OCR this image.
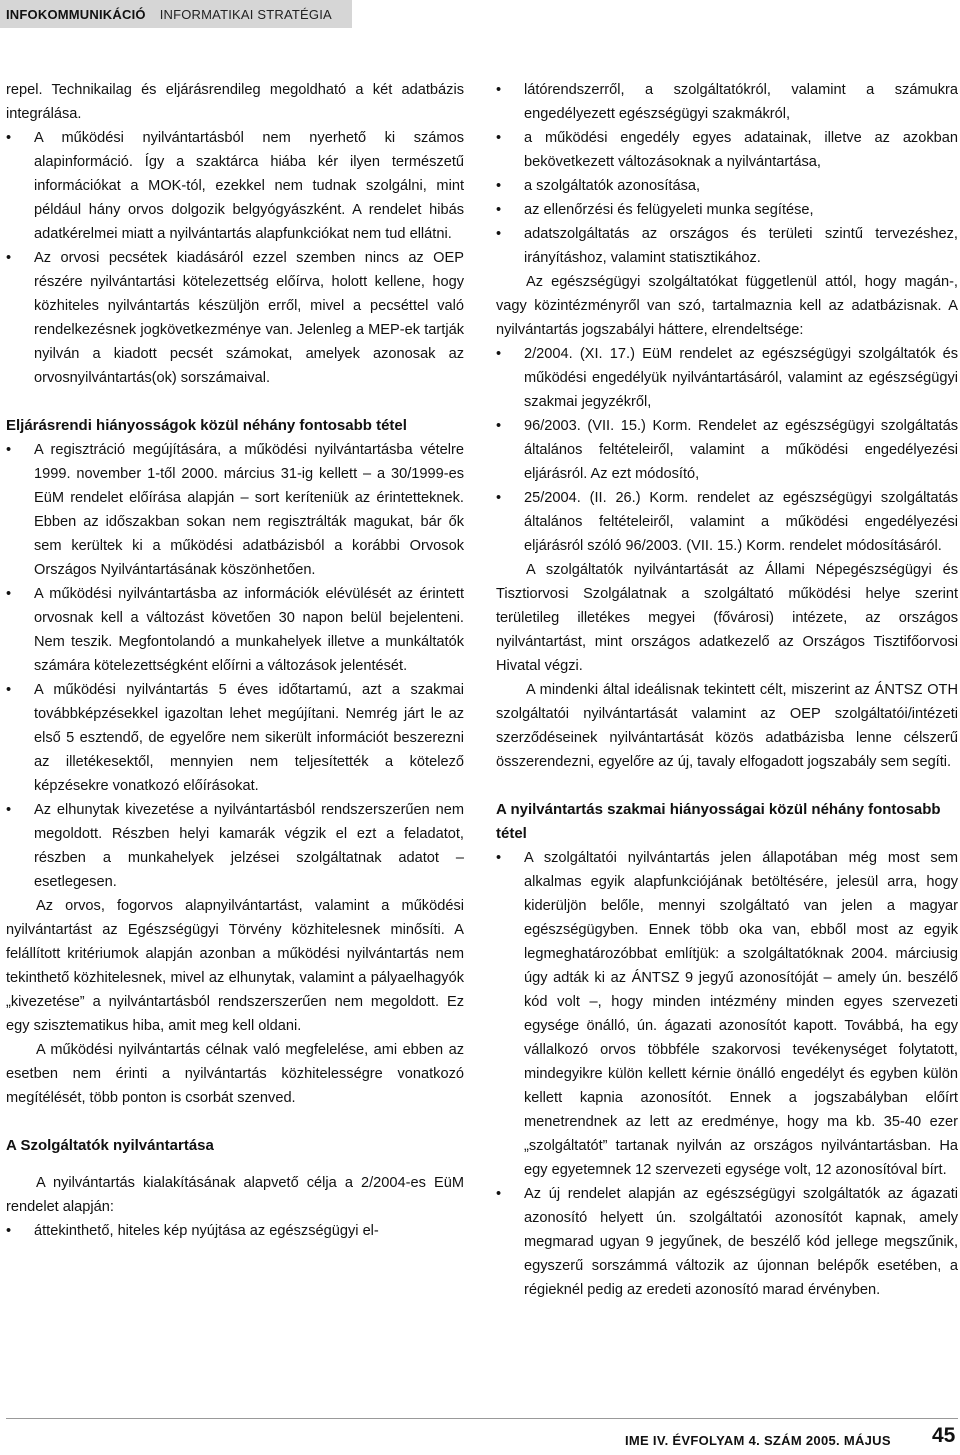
INFOKOMMUNIKÁCIÓ INFORMATIKAI STRATÉGIA
repel. Technikailag és eljárásrendileg megoldható a két adatbázis integrálása.
• A működési nyilvántartásból nem nyerhető ki számos alapinformáció. Így a szaktárca hiába kér ilyen természetű információkat a MOK-tól, ezekkel nem tudnak szolgálni, mint például hány orvos dolgozik belgyógyászként. A rendelet hibás adatkérelmei miatt a nyilvántartás alapfunkciókat nem tud ellátni.
• Az orvosi pecsétek kiadásáról ezzel szemben nincs az OEP részére nyilvántartási kötelezettség előírva, holott kellene, hogy közhiteles nyilvántartás készüljön erről, mivel a pecséttel való rendelkezésnek jogkövetkezménye van. Jelenleg a MEP-ek tartják nyilván a kiadott pecsét számokat, amelyek azonosak az orvosnyilvántartás(ok) sorszámaival.
Eljárásrendi hiányosságok közül néhány fontosabb tétel
• A regisztráció megújítására, a működési nyilvántartásba vételre 1999. november 1-től 2000. március 31-ig kellett – a 30/1999-es EüM rendelet előírása alapján – sort keríteniük az érintetteknek. Ebben az időszakban sokan nem regisztrálták magukat, bár ők sem kerültek ki a működési adatbázisból a korábbi Orvosok Országos Nyilvántartásának köszönhetően.
• A működési nyilvántartásba az információk elévülését az érintett orvosnak kell a változást követően 30 napon belül bejelenteni. Nem teszik. Megfontolandó a munkahelyek illetve a munkáltatók számára kötelezettségként előírni a változások jelentését.
• A működési nyilvántartás 5 éves időtartamú, azt a szakmai továbbképzésekkel igazoltan lehet megújítani. Nemrég járt le az első 5 esztendő, de egyelőre nem sikerült információt beszerezni az illetékesektől, mennyien nem teljesítették a kötelező képzésekre vonatkozó előírásokat.
• Az elhunytak kivezetése a nyilvántartásból rendszerszerűen nem megoldott. Részben helyi kamarák végzik el ezt a feladatot, részben a munkahelyek jelzései szolgáltatnak adatot – esetlegesen.

Az orvos, fogorvos alapnyilvántartást, valamint a működési nyilvántartást az Egészségügyi Törvény közhitelesnek minősíti. A felállított kritériumok alapján azonban a működési nyilvántartás nem tekinthető közhitelesnek, mivel az elhunytak, valamint a pályaelhagyók „kivezetése” a nyilvántartásból rendszerszerűen nem megoldott. Ez egy szisztematikus hiba, amit meg kell oldani.

A működési nyilvántartás célnak való megfelelése, ami ebben az esetben nem érinti a nyilvántartás közhitelességre vonatkozó megítélését, több ponton is csorbát szenved.

A Szolgáltatók nyilvántartása

A nyilvántartás kialakításának alapvető célja a 2/2004-es EüM rendelet alapján:

• áttekinthető, hiteles kép nyújtása az egészségügyi el-
• látórendszerről, a szolgáltatókról, valamint a számukra engedélyezett egészségügyi szakmákról,
• a működési engedély egyes adatainak, illetve az azokban bekövetkezett változásoknak a nyilvántartása,
• a szolgáltatók azonosítása,
• az ellenőrzési és felügyeleti munka segítése,
• adatszolgáltatás az országos és területi szintű tervezéshez, irányításhoz, valamint statisztikához.

Az egészségügyi szolgáltatókat függetlenül attól, hogy magán-, vagy közintézményről van szó, tartalmaznia kell az adatbázisnak. A nyilvántartás jogszabályi háttere, elrendeltsége:

• 2/2004. (XI. 17.) EüM rendelet az egészségügyi szolgáltatók és működési engedélyük nyilvántartásáról, valamint az egészségügyi szakmai jegyzékről,
• 96/2003. (VII. 15.) Korm. Rendelet az egészségügyi szolgáltatás általános feltételeiről, valamint a működési engedélyezési eljárásról. Az ezt módosító,
• 25/2004. (II. 26.) Korm. rendelet az egészségügyi szolgáltatás általános feltételeiről, valamint a működési engedélyezési eljárásról szóló 96/2003. (VII. 15.) Korm. rendelet módosításáról.

A szolgáltatók nyilvántartását az Állami Népegészségügyi és Tisztiorvosi Szolgálatnak a szolgáltató működési helye szerint területileg illetékes megyei (fővárosi) intézete, az országos nyilvántartást, mint országos adatkezelő az Országos Tisztifőorvosi Hivatal végzi.

A mindenki által ideálisnak tekintett célt, miszerint az ÁNTSZ OTH szolgáltatói nyilvántartását valamint az OEP szolgáltatói/intézeti szerződéseinek nyilvántartását közös adatbázisba lenne célszerű összerendezni, egyelőre az új, tavaly elfogadott jogszabály sem segíti.

A nyilvántartás szakmai hiányosságai közül néhány fontosabb tétel
• A szolgáltatói nyilvántartás jelen állapotában még most sem alkalmas egyik alapfunkciójának betöltésére, jelesül arra, hogy kiderüljön belőle, mennyi szolgáltató van jelen a magyar egészségügyben. Ennek több oka van, ebből most az egyik legmeghatározóbbat említjük: a szolgáltatóknak 2004. márciusig úgy adták ki az ÁNTSZ 9 jegyű azonosítóját – amely ún. beszélő kód volt –, hogy minden intézmény minden egyes szervezeti egysége önálló, ún. ágazati azonosítót kapott. Továbbá, ha egy vállalkozó orvos többféle szakorvosi tevékenységet folytatott, mindegyikre külön kellett kérnie önálló engedélyt és egyben külön kellett kapnia azonosítót. Ennek a jogszabályban előírt menetrendnek az lett az eredménye, hogy ma kb. 35-40 ezer „szolgáltatót” tartanak nyilván az országos nyilvántartásban. Ha egy egyetemnek 12 szervezeti egysége volt, 12 azonosítóval bírt.
• Az új rendelet alapján az egészségügyi szolgáltatók az ágazati azonosító helyett ún. szolgáltatói azonosítót kapnak, amely megmarad ugyan 9 jegyűnek, de beszélő kód jellege megszűnik, egyszerű sorszámmá változik az újonnan belépők esetében, a régieknél pedig az eredeti azonosító marad érvényben.
IME IV. ÉVFOLYAM 4. SZÁM 2005. MÁJUS 45
